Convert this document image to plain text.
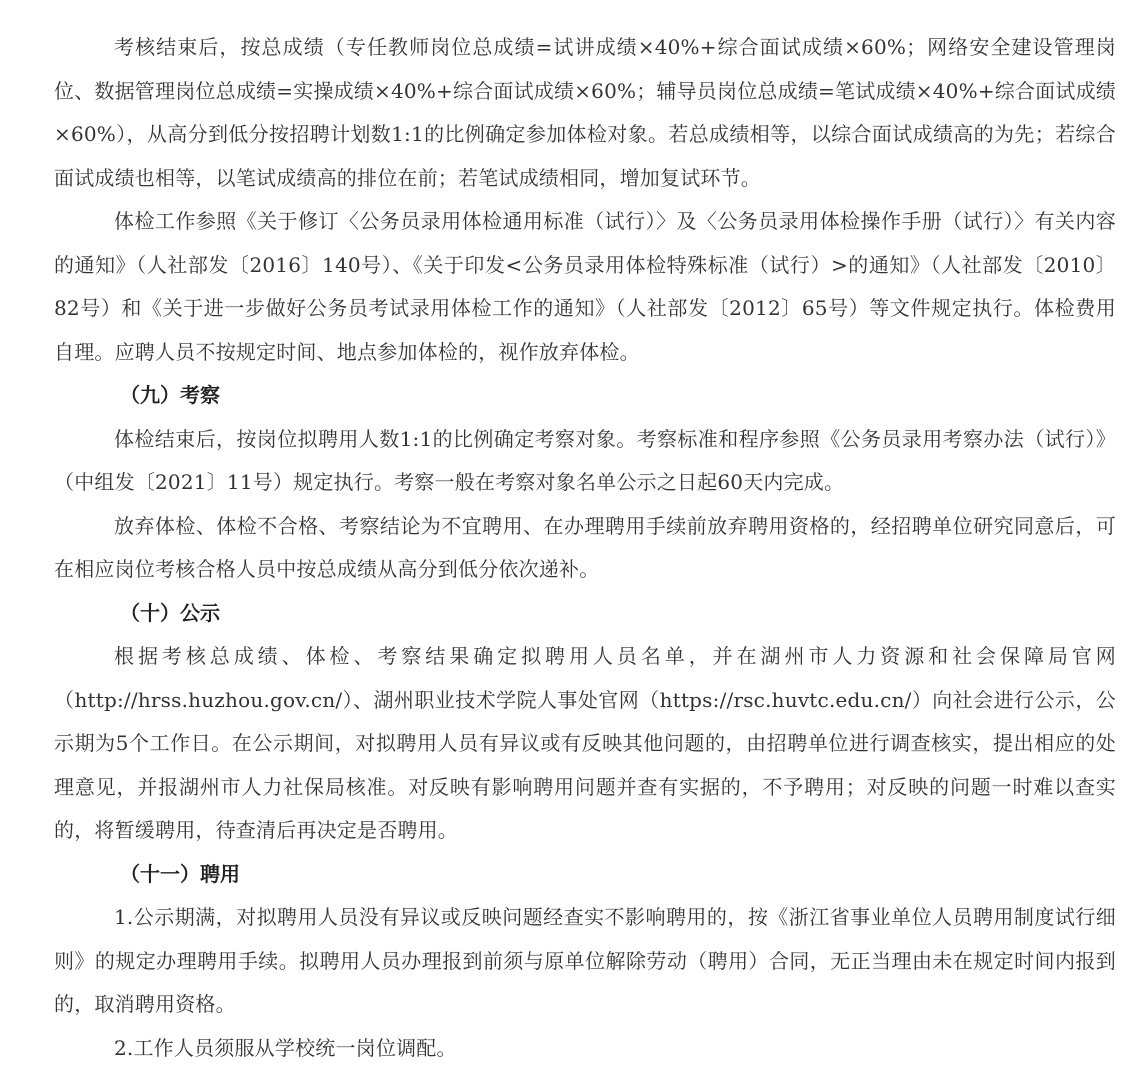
考核结束后，按总成绩（专任教师岗位总成绩=试讲成绩×40%+综合面试成绩×60%；网络安全建设管理岗位、数据管理岗位总成绩=实操成绩×40%+综合面试成绩×60%；辅导员岗位总成绩=笔试成绩×40%+综合面试成绩×60%），从高分到低分按招聘计划数1:1的比例确定参加体检对象。若总成绩相等，以综合面试成绩高的为先；若综合面试成绩也相等，以笔试成绩高的排位在前；若笔试成绩相同，增加复试环节。

体检工作参照《关于修订〈公务员录用体检通用标准（试行）〉及〈公务员录用体检操作手册（试行）〉有关内容的通知》（人社部发〔2016〕140号）、《关于印发<公务员录用体检特殊标准（试行）>的通知》（人社部发〔2010〕82号）和《关于进一步做好公务员考试录用体检工作的通知》（人社部发〔2012〕65号）等文件规定执行。体检费用自理。应聘人员不按规定时间、地点参加体检的，视作放弃体检。

（九）考察

体检结束后，按岗位拟聘用人数1:1的比例确定考察对象。考察标准和程序参照《公务员录用考察办法（试行）》（中组发〔2021〕11号）规定执行。考察一般在考察对象名单公示之日起60天内完成。

放弃体检、体检不合格、考察结论为不宜聘用、在办理聘用手续前放弃聘用资格的，经招聘单位研究同意后，可在相应岗位考核合格人员中按总成绩从高分到低分依次递补。

（十）公示

根据考核总成绩、体检、考察结果确定拟聘用人员名单，并在湖州市人力资源和社会保障局官网（http://hrss.huzhou.gov.cn/）、湖州职业技术学院人事处官网（https://rsc.huvtc.edu.cn/）向社会进行公示，公示期为5个工作日。在公示期间，对拟聘用人员有异议或有反映其他问题的，由招聘单位进行调查核实，提出相应的处理意见，并报湖州市人力社保局核准。对反映有影响聘用问题并查有实据的，不予聘用；对反映的问题一时难以查实的，将暂缓聘用，待查清后再决定是否聘用。

（十一）聘用

1.公示期满，对拟聘用人员没有异议或反映问题经查实不影响聘用的，按《浙江省事业单位人员聘用制度试行细则》的规定办理聘用手续。拟聘用人员办理报到前须与原单位解除劳动（聘用）合同，无正当理由未在规定时间内报到的，取消聘用资格。

2.工作人员须服从学校统一岗位调配。
